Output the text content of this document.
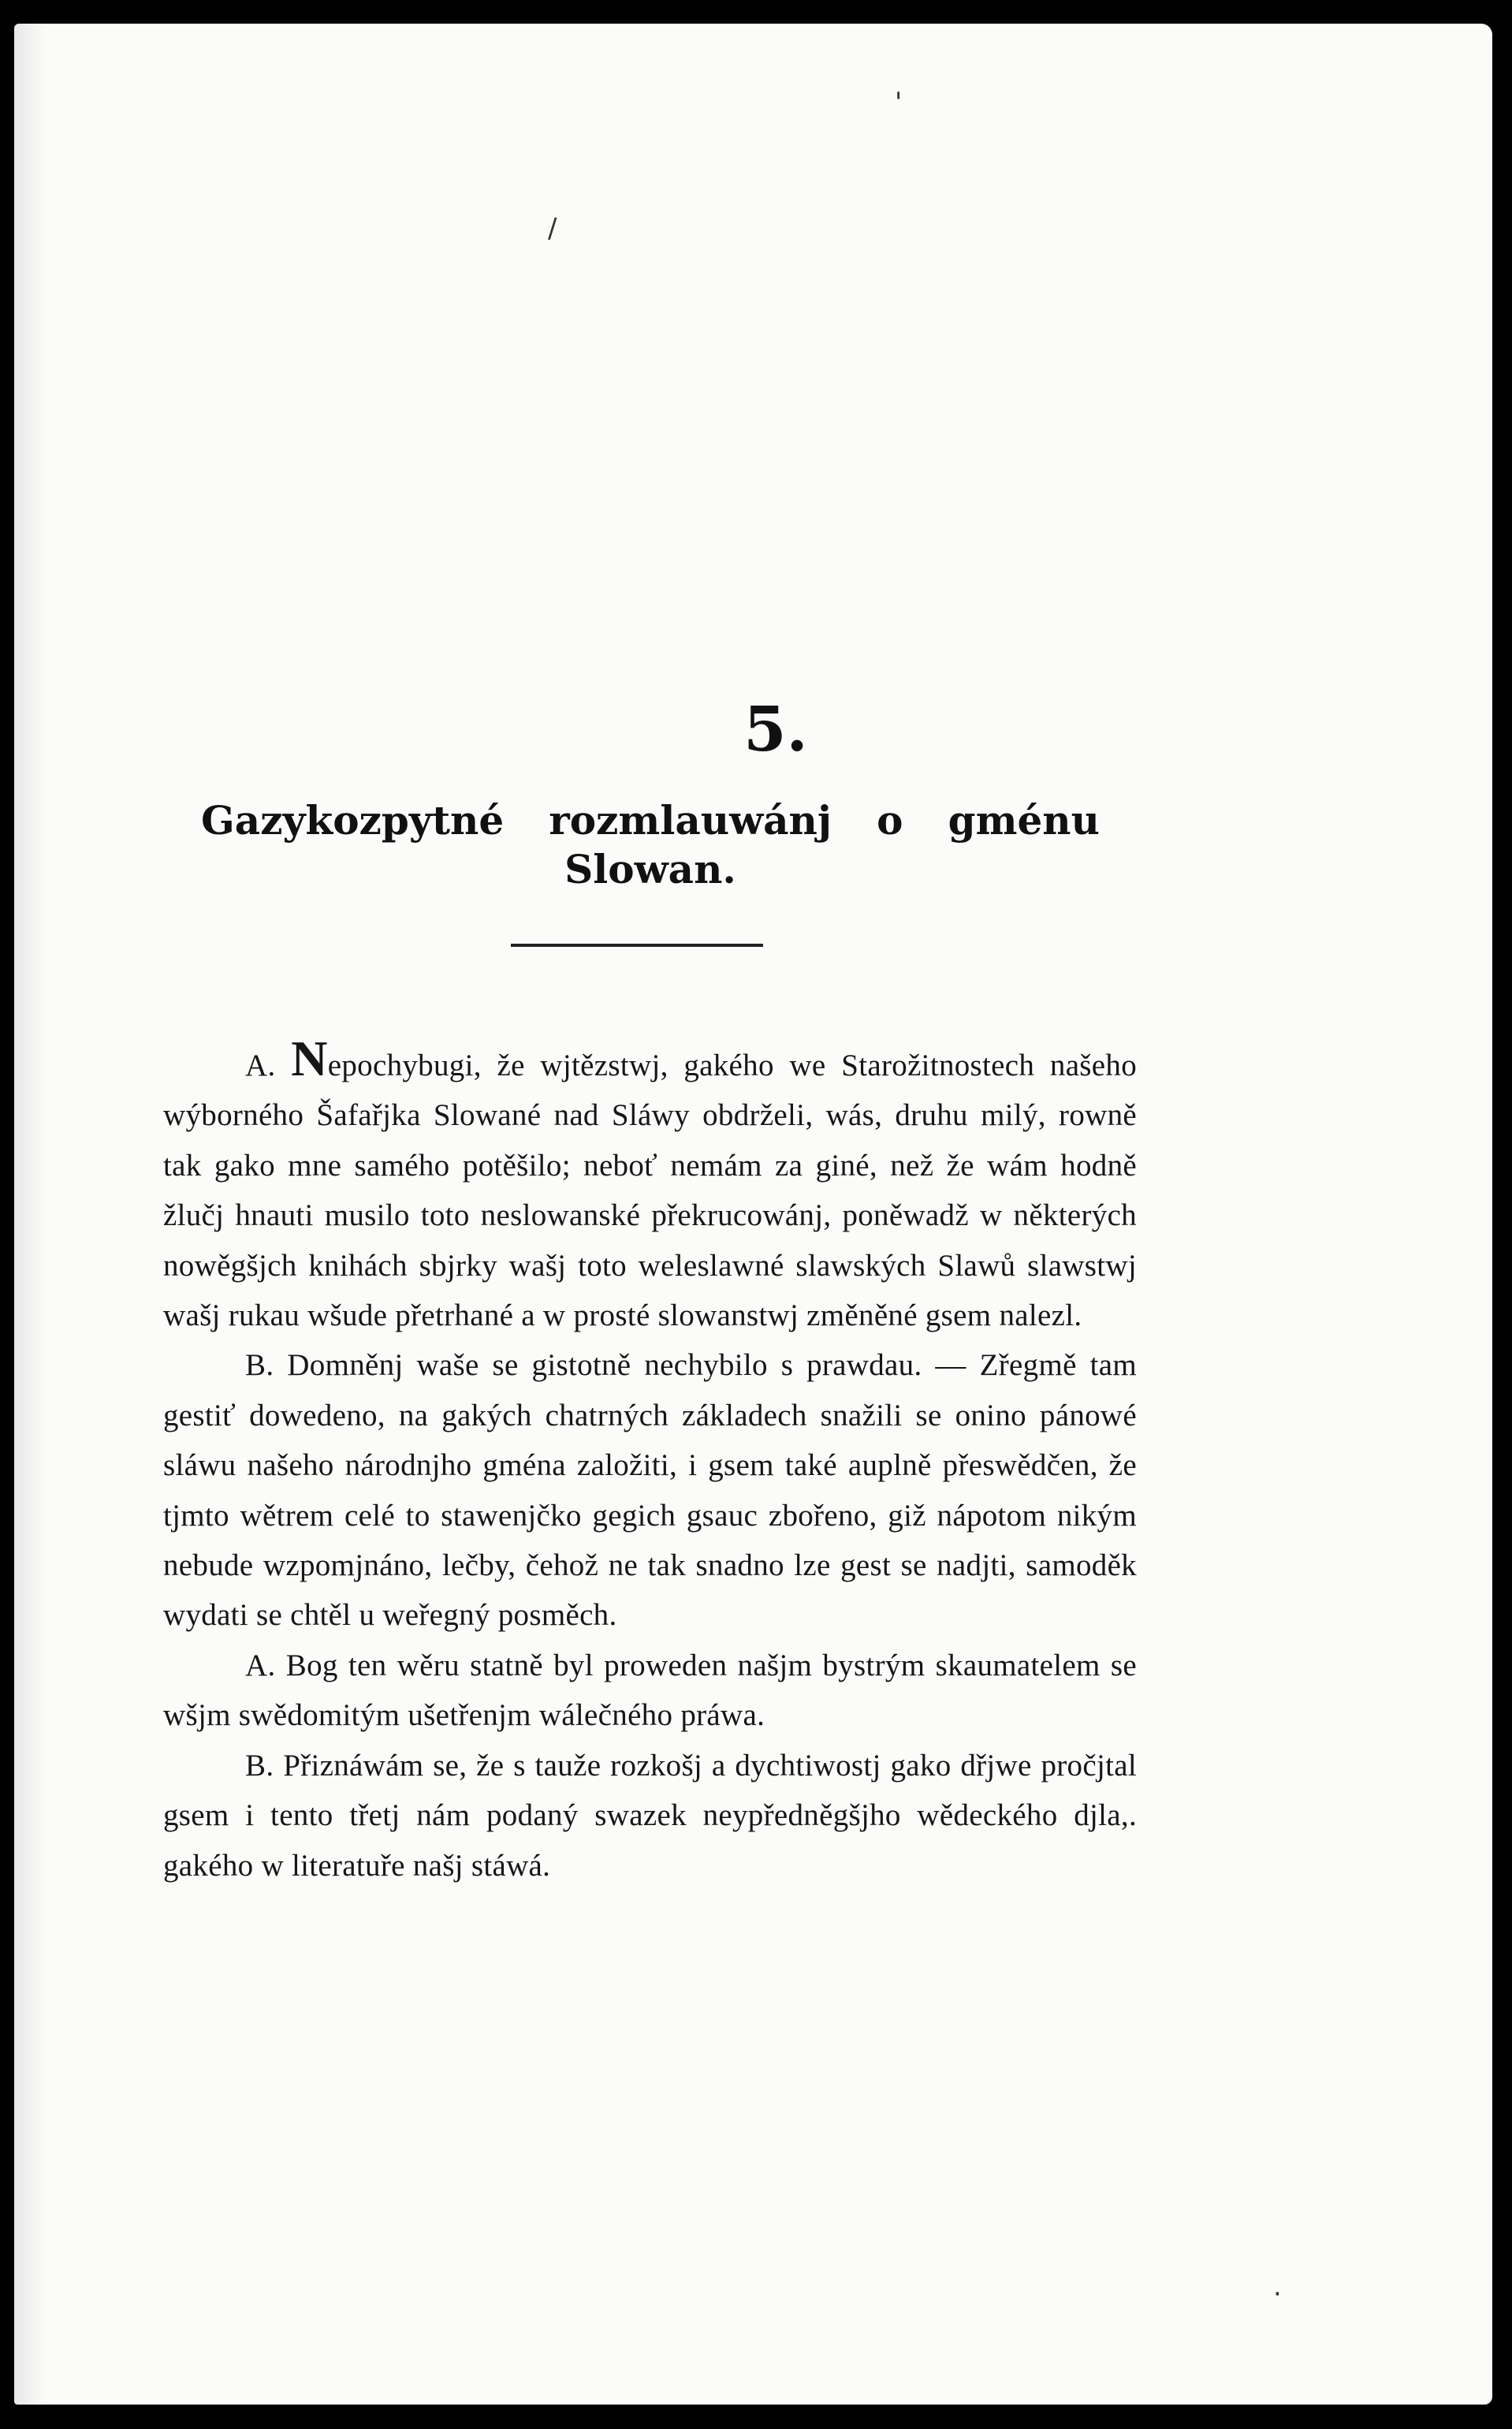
/
'
·
5.
Gazykozpytné rozmlauwánj o gménu
Slowan.

A. Nepochybugi, že wjtězstwj, gakého we Starožitnostech našeho wýborného Šafařjka Slowané nad Sláwy obdrželi, wás, druhu milý, rowně tak gako mne samého potěšilo; neboť nemám za giné, než že wám hodně žlučj hnauti musilo toto neslowanské překrucowánj, poněwadž w některých nowěgšjch knihách sbjrky wašj toto weleslawné slawských Slawů slawstwj wašj rukau wšude přetrhané a w prosté slowanstwj změněné gsem nalezl.

B. Domněnj waše se gistotně nechybilo s prawdau. — Zřegmě tam gestiť dowedeno, na gakých chatrných základech snažili se onino pánowé sláwu našeho národnjho gména založiti, i gsem také auplně přeswědčen, že tjmto wětrem celé to stawenjčko gegich gsauc zbořeno, giž nápotom nikým nebude wzpomjnáno, lečby, čehož ne tak snadno lze gest se nadjti, samoděk wydati se chtěl u weřegný posměch.

A. Bog ten wěru statně byl proweden našjm bystrým skaumatelem se wšjm swědomitým ušetřenjm wálečného práwa.

B. Přiznáwám se, že s tauže rozkošj a dychtiwostj gako dřjwe pročjtal gsem i tento třetj nám podaný swazek neypředněgšjho wědeckého djla,. gakého w literatuře našj stáwá.
